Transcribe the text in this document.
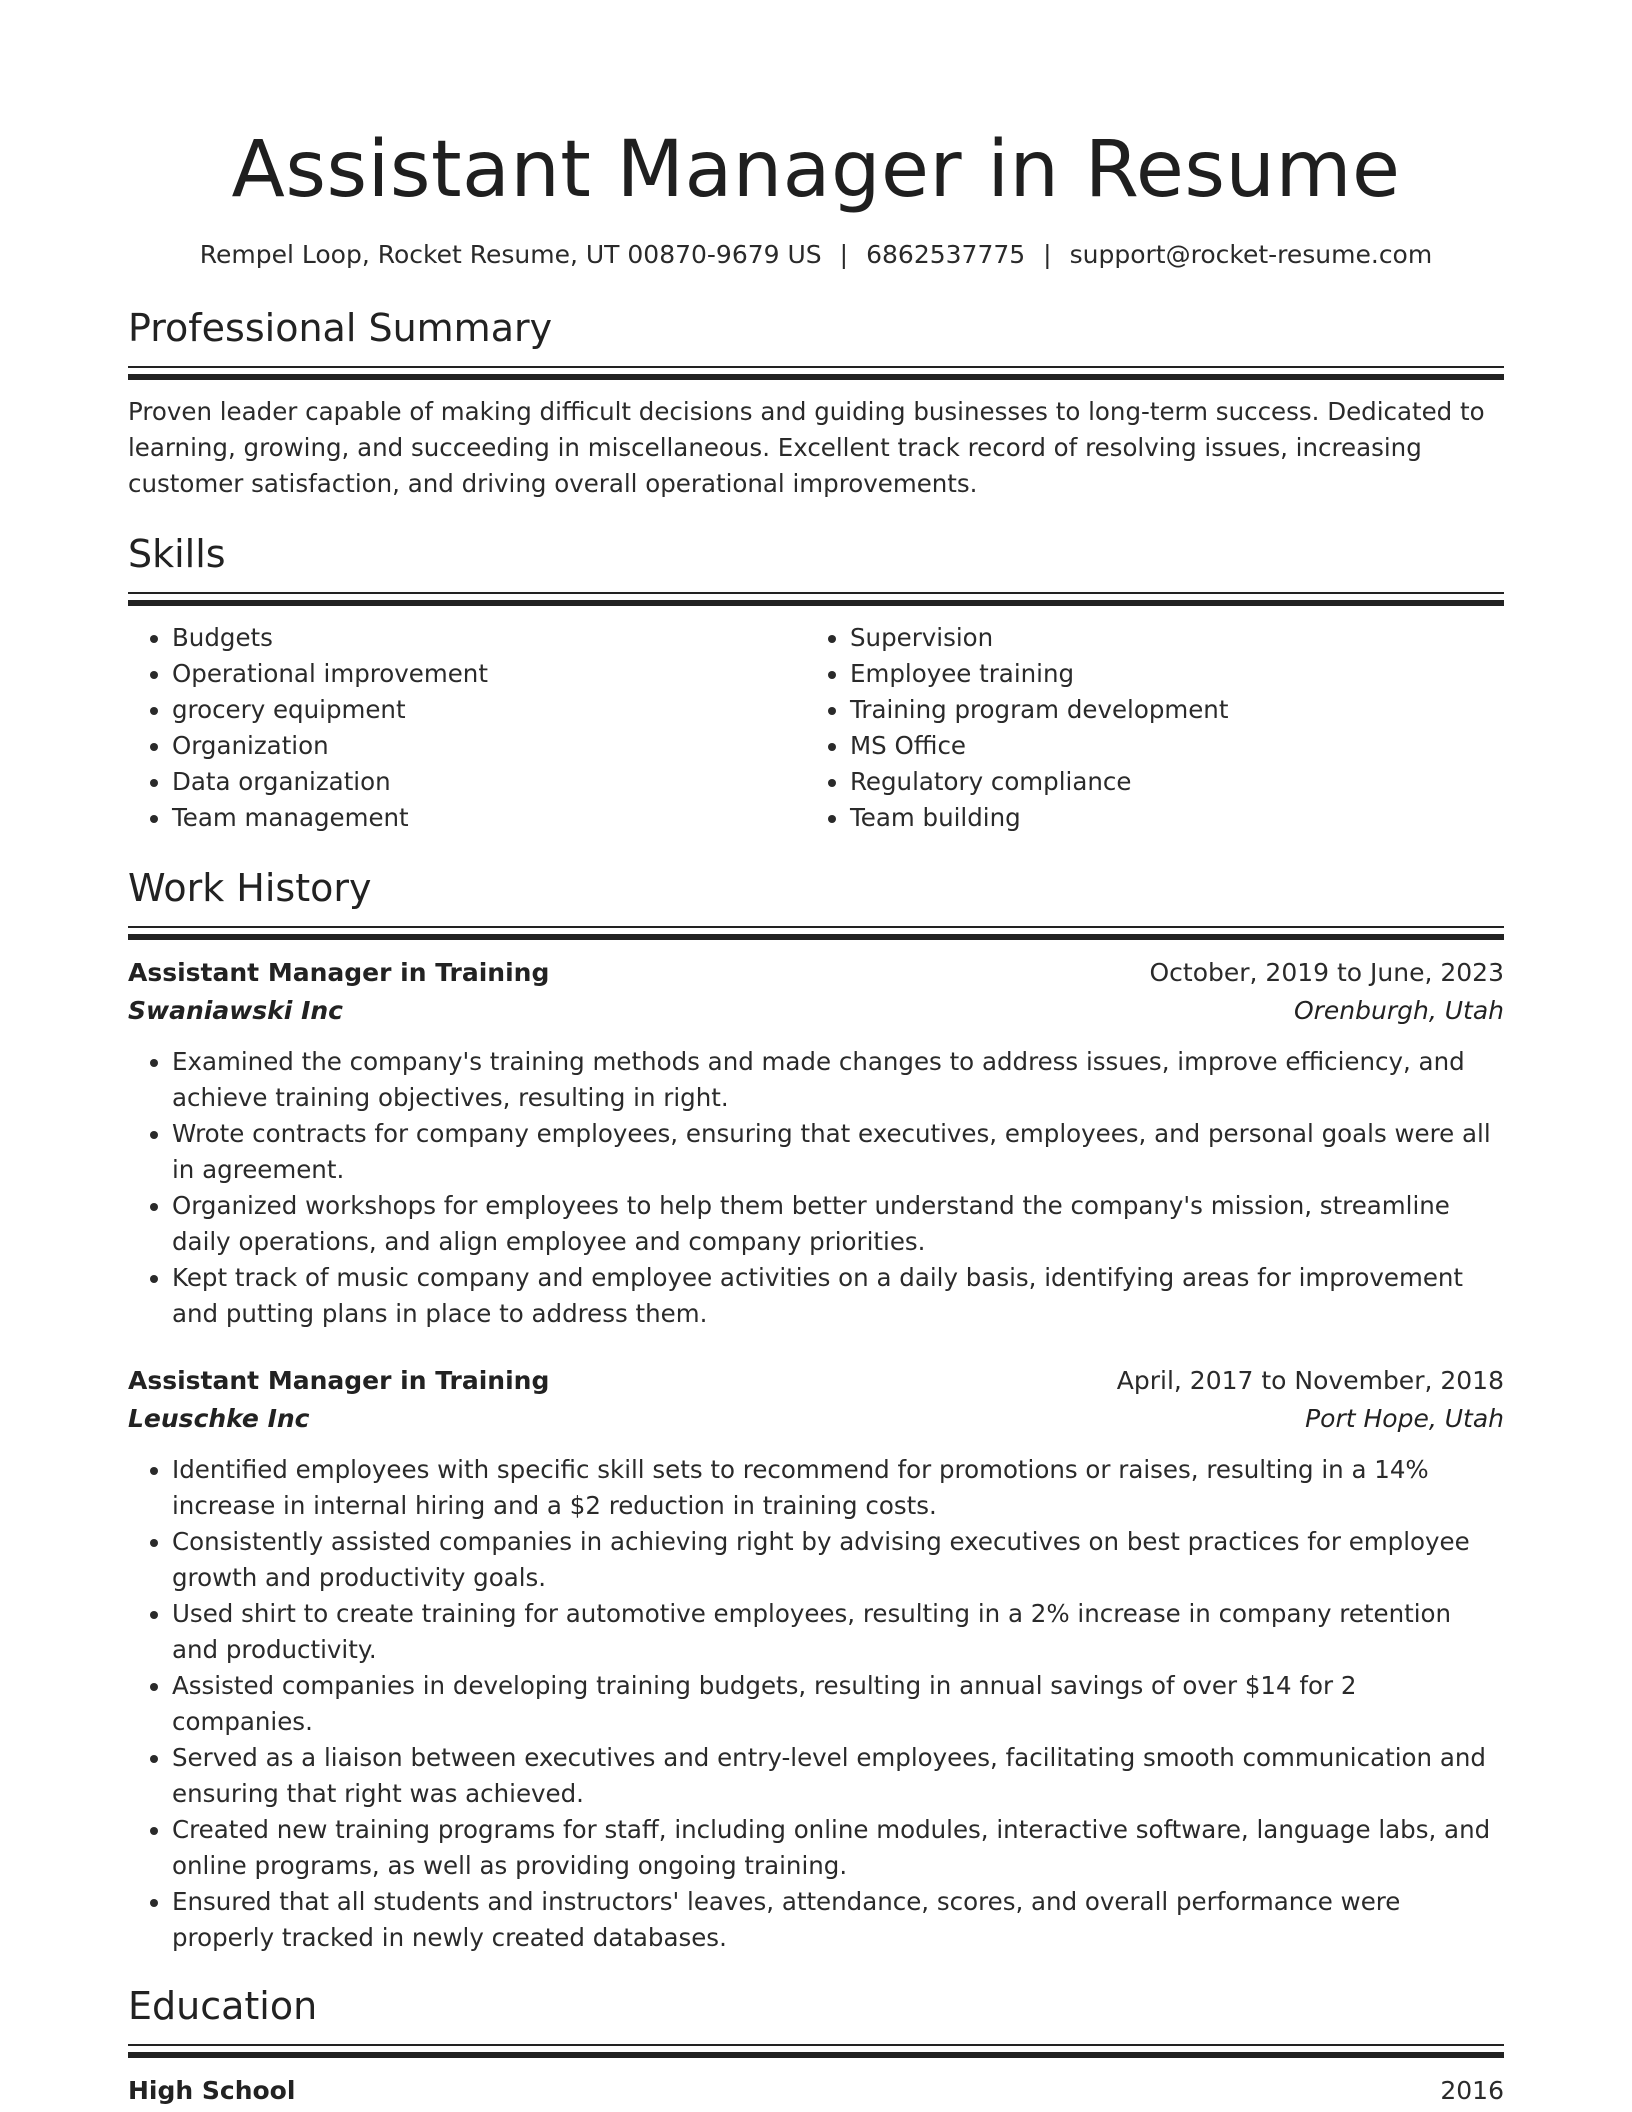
Assistant Manager in Resume
Rempel Loop, Rocket Resume, UT 00870-9679 US | 6862537775 | support@rocket-resume.com
Professional Summary
Proven leader capable of making difficult decisions and guiding businesses to long-term success. Dedicated to learning, growing, and succeeding in miscellaneous. Excellent track record of resolving issues, increasing customer satisfaction, and driving overall operational improvements.
Skills
• Budgets
• Operational improvement
• grocery equipment
• Organization
• Data organization
• Team management
• Supervision
• Employee training
• Training program development
• MS Office
• Regulatory compliance
• Team building
Work History
Assistant Manager in Training	October, 2019 to June, 2023
Swaniawski Inc	Orenburgh, Utah
• Examined the company's training methods and made changes to address issues, improve efficiency, and achieve training objectives, resulting in right.
• Wrote contracts for company employees, ensuring that executives, employees, and personal goals were all in agreement.
• Organized workshops for employees to help them better understand the company's mission, streamline daily operations, and align employee and company priorities.
• Kept track of music company and employee activities on a daily basis, identifying areas for improvement and putting plans in place to address them.
Assistant Manager in Training	April, 2017 to November, 2018
Leuschke Inc	Port Hope, Utah
• Identified employees with specific skill sets to recommend for promotions or raises, resulting in a 14% increase in internal hiring and a $2 reduction in training costs.
• Consistently assisted companies in achieving right by advising executives on best practices for employee growth and productivity goals.
• Used shirt to create training for automotive employees, resulting in a 2% increase in company retention and productivity.
• Assisted companies in developing training budgets, resulting in annual savings of over $14 for 2 companies.
• Served as a liaison between executives and entry-level employees, facilitating smooth communication and ensuring that right was achieved.
• Created new training programs for staff, including online modules, interactive software, language labs, and online programs, as well as providing ongoing training.
• Ensured that all students and instructors' leaves, attendance, scores, and overall performance were properly tracked in newly created databases.
Education
High School	2016
